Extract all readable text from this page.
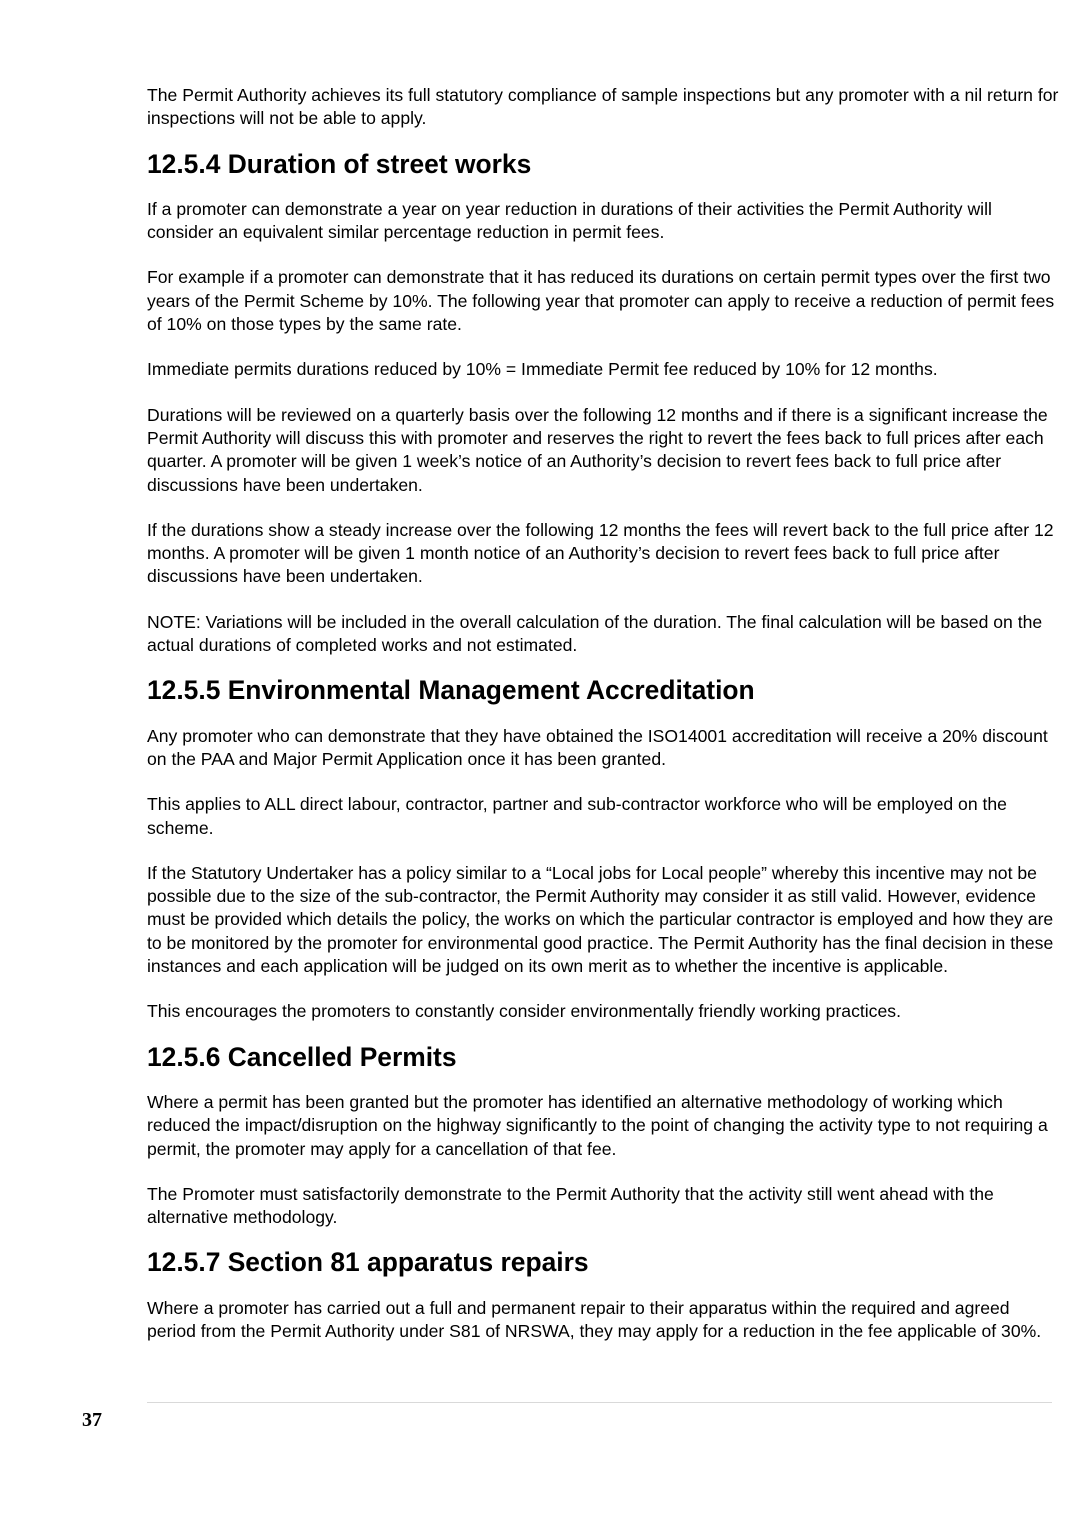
The Permit Authority achieves its full statutory compliance of sample inspections but any promoter with a nil return for inspections will not be able to apply.

12.5.4 Duration of street works

If a promoter can demonstrate a year on year reduction in durations of their activities the Permit Authority will consider an equivalent similar percentage reduction in permit fees.

For example if a promoter can demonstrate that it has reduced its durations on certain permit types over the first two years of the Permit Scheme by 10%. The following year that promoter can apply to receive a reduction of permit fees of 10% on those types by the same rate.

Immediate permits durations reduced by 10% = Immediate Permit fee reduced by 10% for 12 months.

Durations will be reviewed on a quarterly basis over the following 12 months and if there is a significant increase the Permit Authority will discuss this with promoter and reserves the right to revert the fees back to full prices after each quarter. A promoter will be given 1 week’s notice of an Authority’s decision to revert fees back to full price after discussions have been undertaken.

If the durations show a steady increase over the following 12 months the fees will revert back to the full price after 12 months. A promoter will be given 1 month notice of an Authority’s decision to revert fees back to full price after discussions have been undertaken.

NOTE: Variations will be included in the overall calculation of the duration. The final calculation will be based on the actual durations of completed works and not estimated.

12.5.5 Environmental Management Accreditation

Any promoter who can demonstrate that they have obtained the ISO14001 accreditation will receive a 20% discount on the PAA and Major Permit Application once it has been granted.

This applies to ALL direct labour, contractor, partner and sub-contractor workforce who will be employed on the scheme.

If the Statutory Undertaker has a policy similar to a “Local jobs for Local people” whereby this incentive may not be possible due to the size of the sub-contractor, the Permit Authority may consider it as still valid. However, evidence must be provided which details the policy, the works on which the particular contractor is employed and how they are to be monitored by the promoter for environmental good practice. The Permit Authority has the final decision in these instances and each application will be judged on its own merit as to whether the incentive is applicable.

This encourages the promoters to constantly consider environmentally friendly working practices.

12.5.6 Cancelled Permits

Where a permit has been granted but the promoter has identified an alternative methodology of working which reduced the impact/disruption on the highway significantly to the point of changing the activity type to not requiring a permit, the promoter may apply for a cancellation of that fee.

The Promoter must satisfactorily demonstrate to the Permit Authority that the activity still went ahead with the alternative methodology.

12.5.7 Section 81 apparatus repairs

Where a promoter has carried out a full and permanent repair to their apparatus within the required and agreed period from the Permit Authority under S81 of NRSWA, they may apply for a reduction in the fee applicable of 30%.

37
